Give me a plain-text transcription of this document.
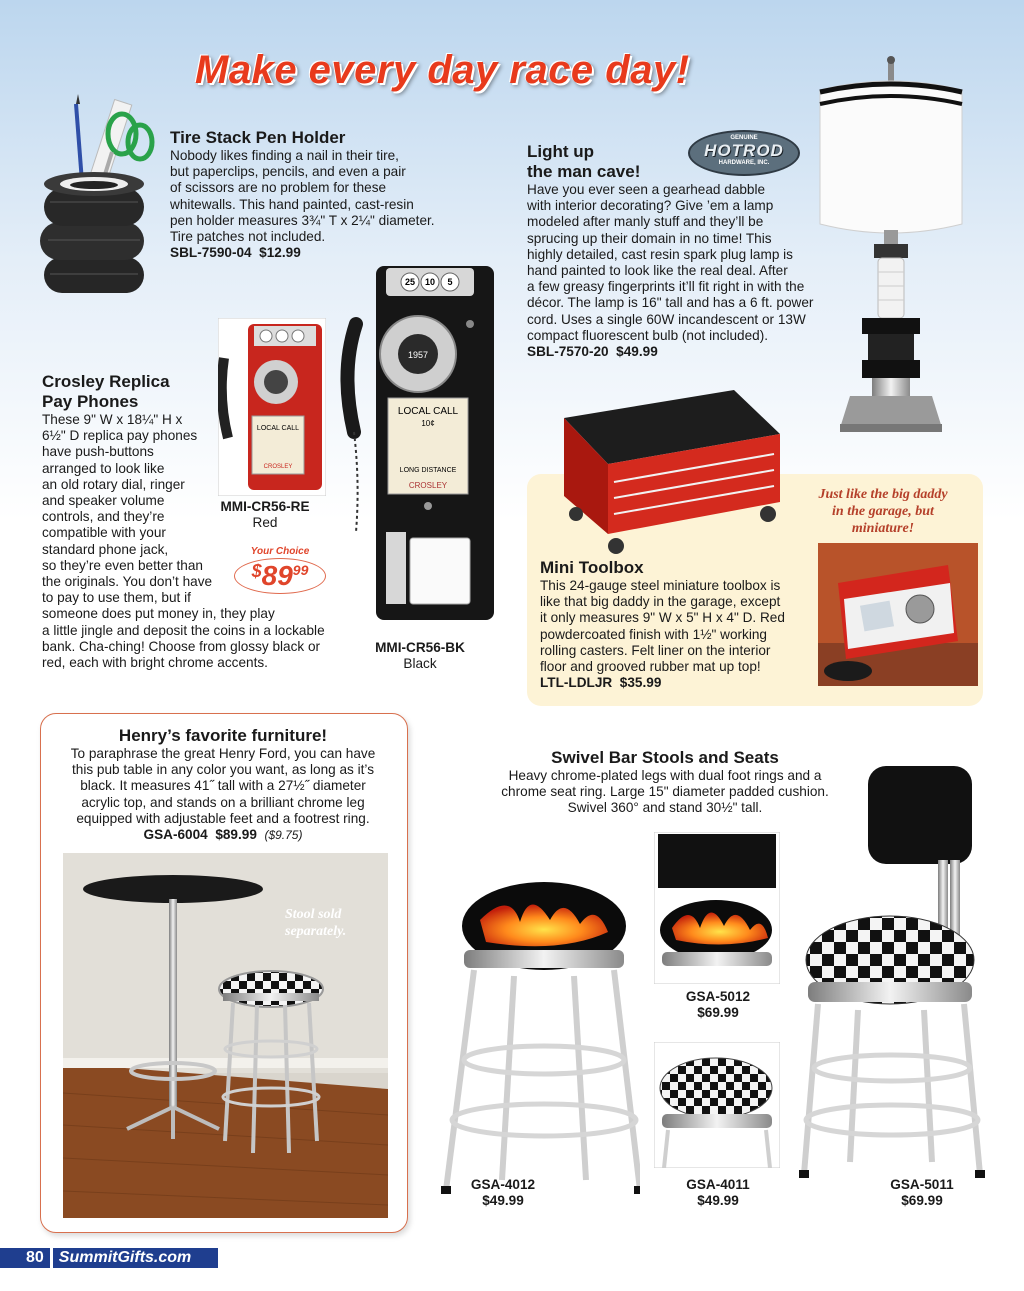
Make every day race day!
Tire Stack Pen Holder
Nobody likes finding a nail in their tire,
but paperclips, pencils, and even a pair
of scissors are no problem for these
whitewalls. This hand painted, cast-resin
pen holder measures 3¾" T x 2¼" diameter.
Tire patches not included.
SBL-7590-04 $12.99
Light up
the man cave!
Have you ever seen a gearhead dabble
with interior decorating? Give ’em a lamp
modeled after manly stuff and they’ll be
sprucing up their domain in no time! This
highly detailed, cast resin spark plug lamp is
hand painted to look like the real deal. After
a few greasy fingerprints it’ll fit right in with the
décor. The lamp is 16" tall and has a 6 ft. power
cord. Uses a single 60W incandescent or 13W
compact fluorescent bulb (not included).
SBL-7570-20 $49.99
GENUINE
HOTROD
HARDWARE, INC.
LOCAL CALL
CROSLEY
25 10 5
1957
LOCAL CALL
10¢
LONG DISTANCE
CROSLEY
Crosley Replica
Pay Phones
These 9" W x 18¼" H x
6½" D replica pay phones
have push-buttons
arranged to look like
an old rotary dial, ringer
and speaker volume
controls, and they’re
compatible with your
standard phone jack,
so they’re even better than
the originals. You don’t have
to pay to use them, but if
someone does put money in, they play
a little jingle and deposit the coins in a lockable
bank. Cha-ching! Choose from glossy black or
red, each with bright chrome accents.
MMI-CR56-RE
Red
MMI-CR56-BK
Black
Your Choice
$8999
Just like the big daddy
in the garage, but
miniature!
Mini Toolbox
This 24-gauge steel miniature toolbox is
like that big daddy in the garage, except
it only measures 9" W x 5" H x 4" D. Red
powdercoated finish with 1½" working
rolling casters. Felt liner on the interior
floor and grooved rubber mat up top!
LTL-LDLJR $35.99
Henry’s favorite furniture!
To paraphrase the great Henry Ford, you can have
this pub table in any color you want, as long as it’s
black. It measures 41˝ tall with a 27½˝ diameter
acrylic top, and stands on a brilliant chrome leg
equipped with adjustable feet and a footrest ring.
GSA-6004 $89.99 ($9.75)
Stool sold
separately.
Swivel Bar Stools and Seats
Heavy chrome-plated legs with dual foot rings and a
chrome seat ring. Large 15" diameter padded cushion.
Swivel 360° and stand 30½" tall.
GSA-4012
$49.99
GSA-5012
$69.99
GSA-4011
$49.99
GSA-5011
$69.99
80 SummitGifts.com
